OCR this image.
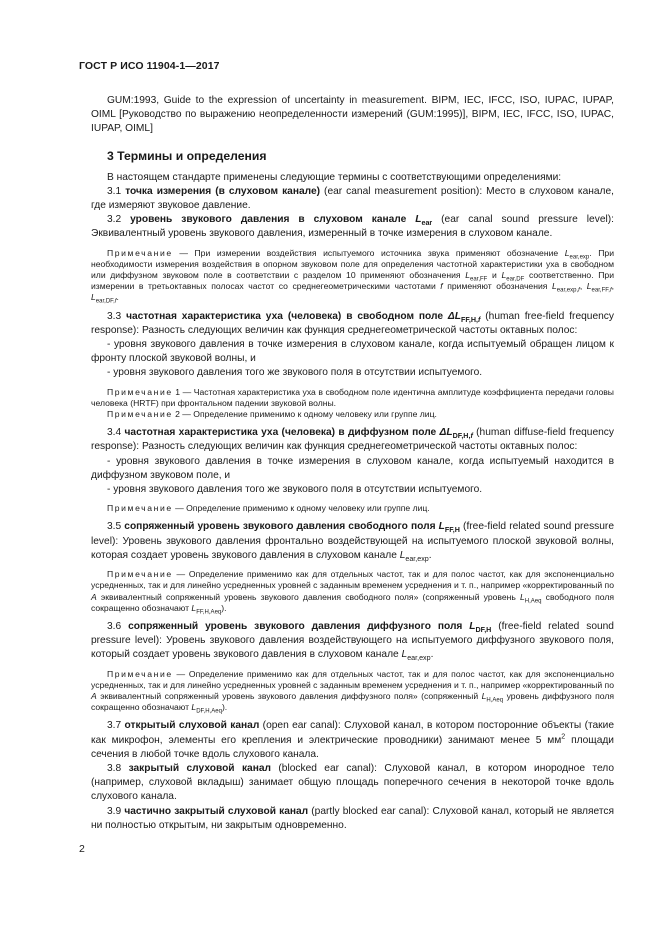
ГОСТ Р ИСО 11904-1—2017

GUM:1993, Guide to the expression of uncertainty in measurement. BIPM, IEC, IFCC, ISO, IUPAC, IUPAP, OIML [Руководство по выражению неопределенности измерений (GUM:1995)], BIPM, IEC, IFCC, ISO, IUPAC, IUPAP, OIML]

3 Термины и определения

В настоящем стандарте применены следующие термины с соответствующими определениями:

3.1 точка измерения (в слуховом канале) (ear canal measurement position): Место в слуховом канале, где измеряют звуковое давление.

3.2 уровень звукового давления в слуховом канале $L_{ear}$ (ear canal sound pressure level): Эквивалентный уровень звукового давления, измеренный в точке измерения в слуховом канале.

Примечание — При измерении воздействия испытуемого источника звука применяют обозначение $L_{ear,exp}$. При необходимости измерения воздействия в опорном звуковом поле для определения частотной характеристики уха в свободном или диффузном звуковом поле в соответствии с разделом 10 применяют обозначения $L_{ear,FF}$ и $L_{ear,DF}$ соответственно. При измерении в третьоктавных полосах частот со среднегеометрическими частотами f применяют обозначения $L_{ear,exp,f}$, $L_{ear,FF,f}$, $L_{ear,DF,f}$.

3.3 частотная характеристика уха (человека) в свободном поле $\Delta L_{FF,H,f}$ (human free-field frequency response): Разность следующих величин как функция среднегеометрической частоты октавных полос:

- уровня звукового давления в точке измерения в слуховом канале, когда испытуемый обращен лицом к фронту плоской звуковой волны, и

- уровня звукового давления того же звукового поля в отсутствии испытуемого.

Примечание 1 — Частотная характеристика уха в свободном поле идентична амплитуде коэффициента передачи головы человека (HRTF) при фронтальном падении звуковой волны.

Примечание 2 — Определение применимо к одному человеку или группе лиц.

3.4 частотная характеристика уха (человека) в диффузном поле $\Delta L_{DF,H,f}$ (human diffuse-field frequency response): Разность следующих величин как функция среднегеометрической частоты октавных полос:

- уровня звукового давления в точке измерения в слуховом канале, когда испытуемый находится в диффузном звуковом поле, и

- уровня звукового давления того же звукового поля в отсутствии испытуемого.

Примечание — Определение применимо к одному человеку или группе лиц.

3.5 сопряженный уровень звукового давления свободного поля $L_{FF,H}$ (free-field related sound pressure level): Уровень звукового давления фронтально воздействующей на испытуемого плоской звуковой волны, которая создает уровень звукового давления в слуховом канале $L_{ear,exp}$.

Примечание — Определение применимо как для отдельных частот, так и для полос частот, как для экспоненциально усредненных, так и для линейно усредненных уровней с заданным временем усреднения и т. п., например «корректированный по A эквивалентный сопряженный уровень звукового давления свободного поля» (сопряженный уровень $L_{H,Aeq}$ свободного поля сокращенно обозначают $L_{FF,H,Aeq}$).

3.6 сопряженный уровень звукового давления диффузного поля $L_{DF,H}$ (free-field related sound pressure level): Уровень звукового давления воздействующего на испытуемого диффузного звукового поля, который создает уровень звукового давления в слуховом канале $L_{ear,exp}$.

Примечание — Определение применимо как для отдельных частот, так и для полос частот, как для экспоненциально усредненных, так и для линейно усредненных уровней с заданным временем усреднения и т. п., например «корректированный по A эквивалентный сопряженный уровень звукового давления диффузного поля» (сопряженный $L_{H,Aeq}$ уровень диффузного поля сокращенно обозначают $L_{DF,H,Aeq}$).

3.7 открытый слуховой канал (open ear canal): Слуховой канал, в котором посторонние объекты (такие как микрофон, элементы его крепления и электрические проводники) занимают менее 5 $мм^2$ площади сечения в любой точке вдоль слухового канала.

3.8 закрытый слуховой канал (blocked ear canal): Слуховой канал, в котором инородное тело (например, слуховой вкладыш) занимает общую площадь поперечного сечения в некоторой точке вдоль слухового канала.

3.9 частично закрытый слуховой канал (partly blocked ear canal): Слуховой канал, который не является ни полностью открытым, ни закрытым одновременно.

2
